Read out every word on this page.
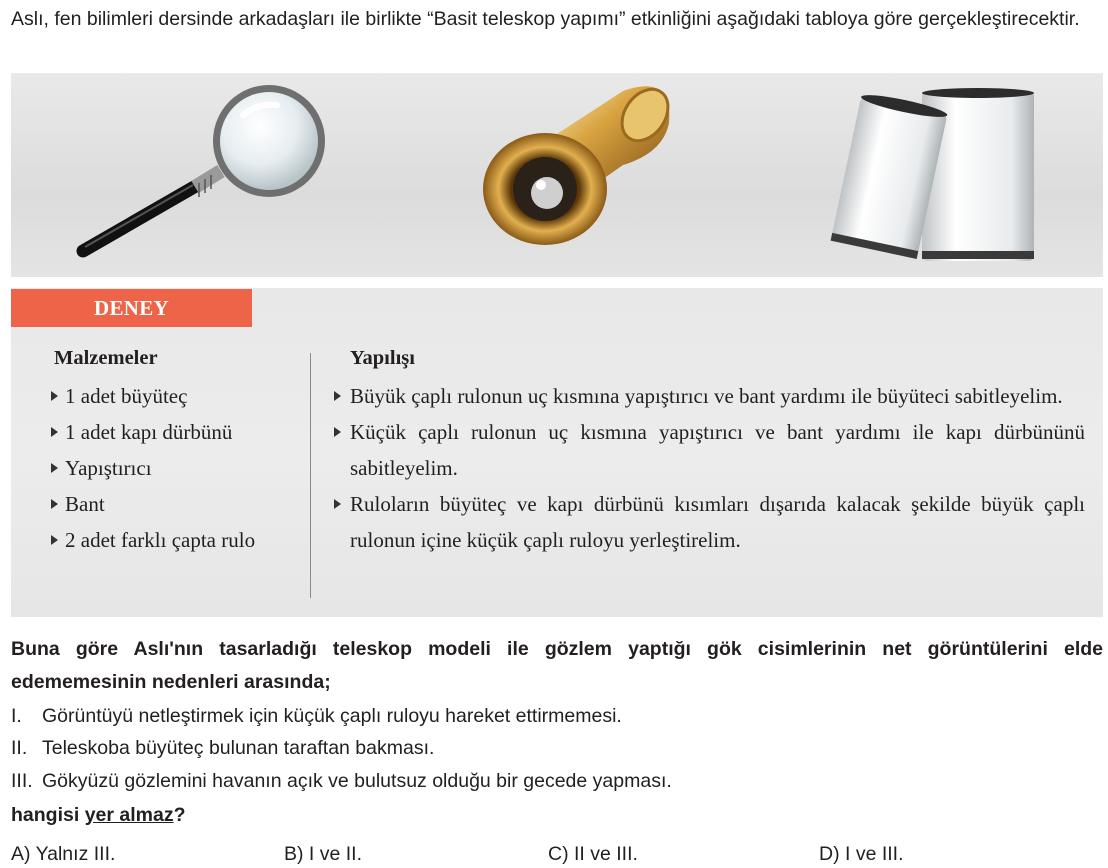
Aslı, fen bilimleri dersinde arkadaşları ile birlikte “Basit teleskop yapımı” etkinliğini aşağıdaki tabloya göre gerçekleştirecektir.
DENEY
Malzemeler	Yapılışı
1 adet büyüteç
1 adet kapı dürbünü
Yapıştırıcı
Bant
2 adet farklı çapta rulo
Büyük çaplı rulonun uç kısmına yapıştırıcı ve bant yardımı ile büyüteci sabitleyelim.
Küçük çaplı rulonun uç kısmına yapıştırıcı ve bant yardımı ile kapı dürbününü sabitleyelim.
Ruloların büyüteç ve kapı dürbünü kısımları dışarıda kalacak şekilde büyük çaplı rulonun içine küçük çaplı ruloyu yerleştirelim.
Buna göre Aslı'nın tasarladığı teleskop modeli ile gözlem yaptığı gök cisimlerinin net görüntülerini elde edememesinin nedenleri arasında;
I. Görüntüyü netleştirmek için küçük çaplı ruloyu hareket ettirmemesi.
II. Teleskoba büyüteç bulunan taraftan bakması.
III. Gökyüzü gözlemini havanın açık ve bulutsuz olduğu bir gecede yapması.
hangisi yer almaz?
A) Yalnız III.	B) I ve II.	C) II ve III.	D) I ve III.
